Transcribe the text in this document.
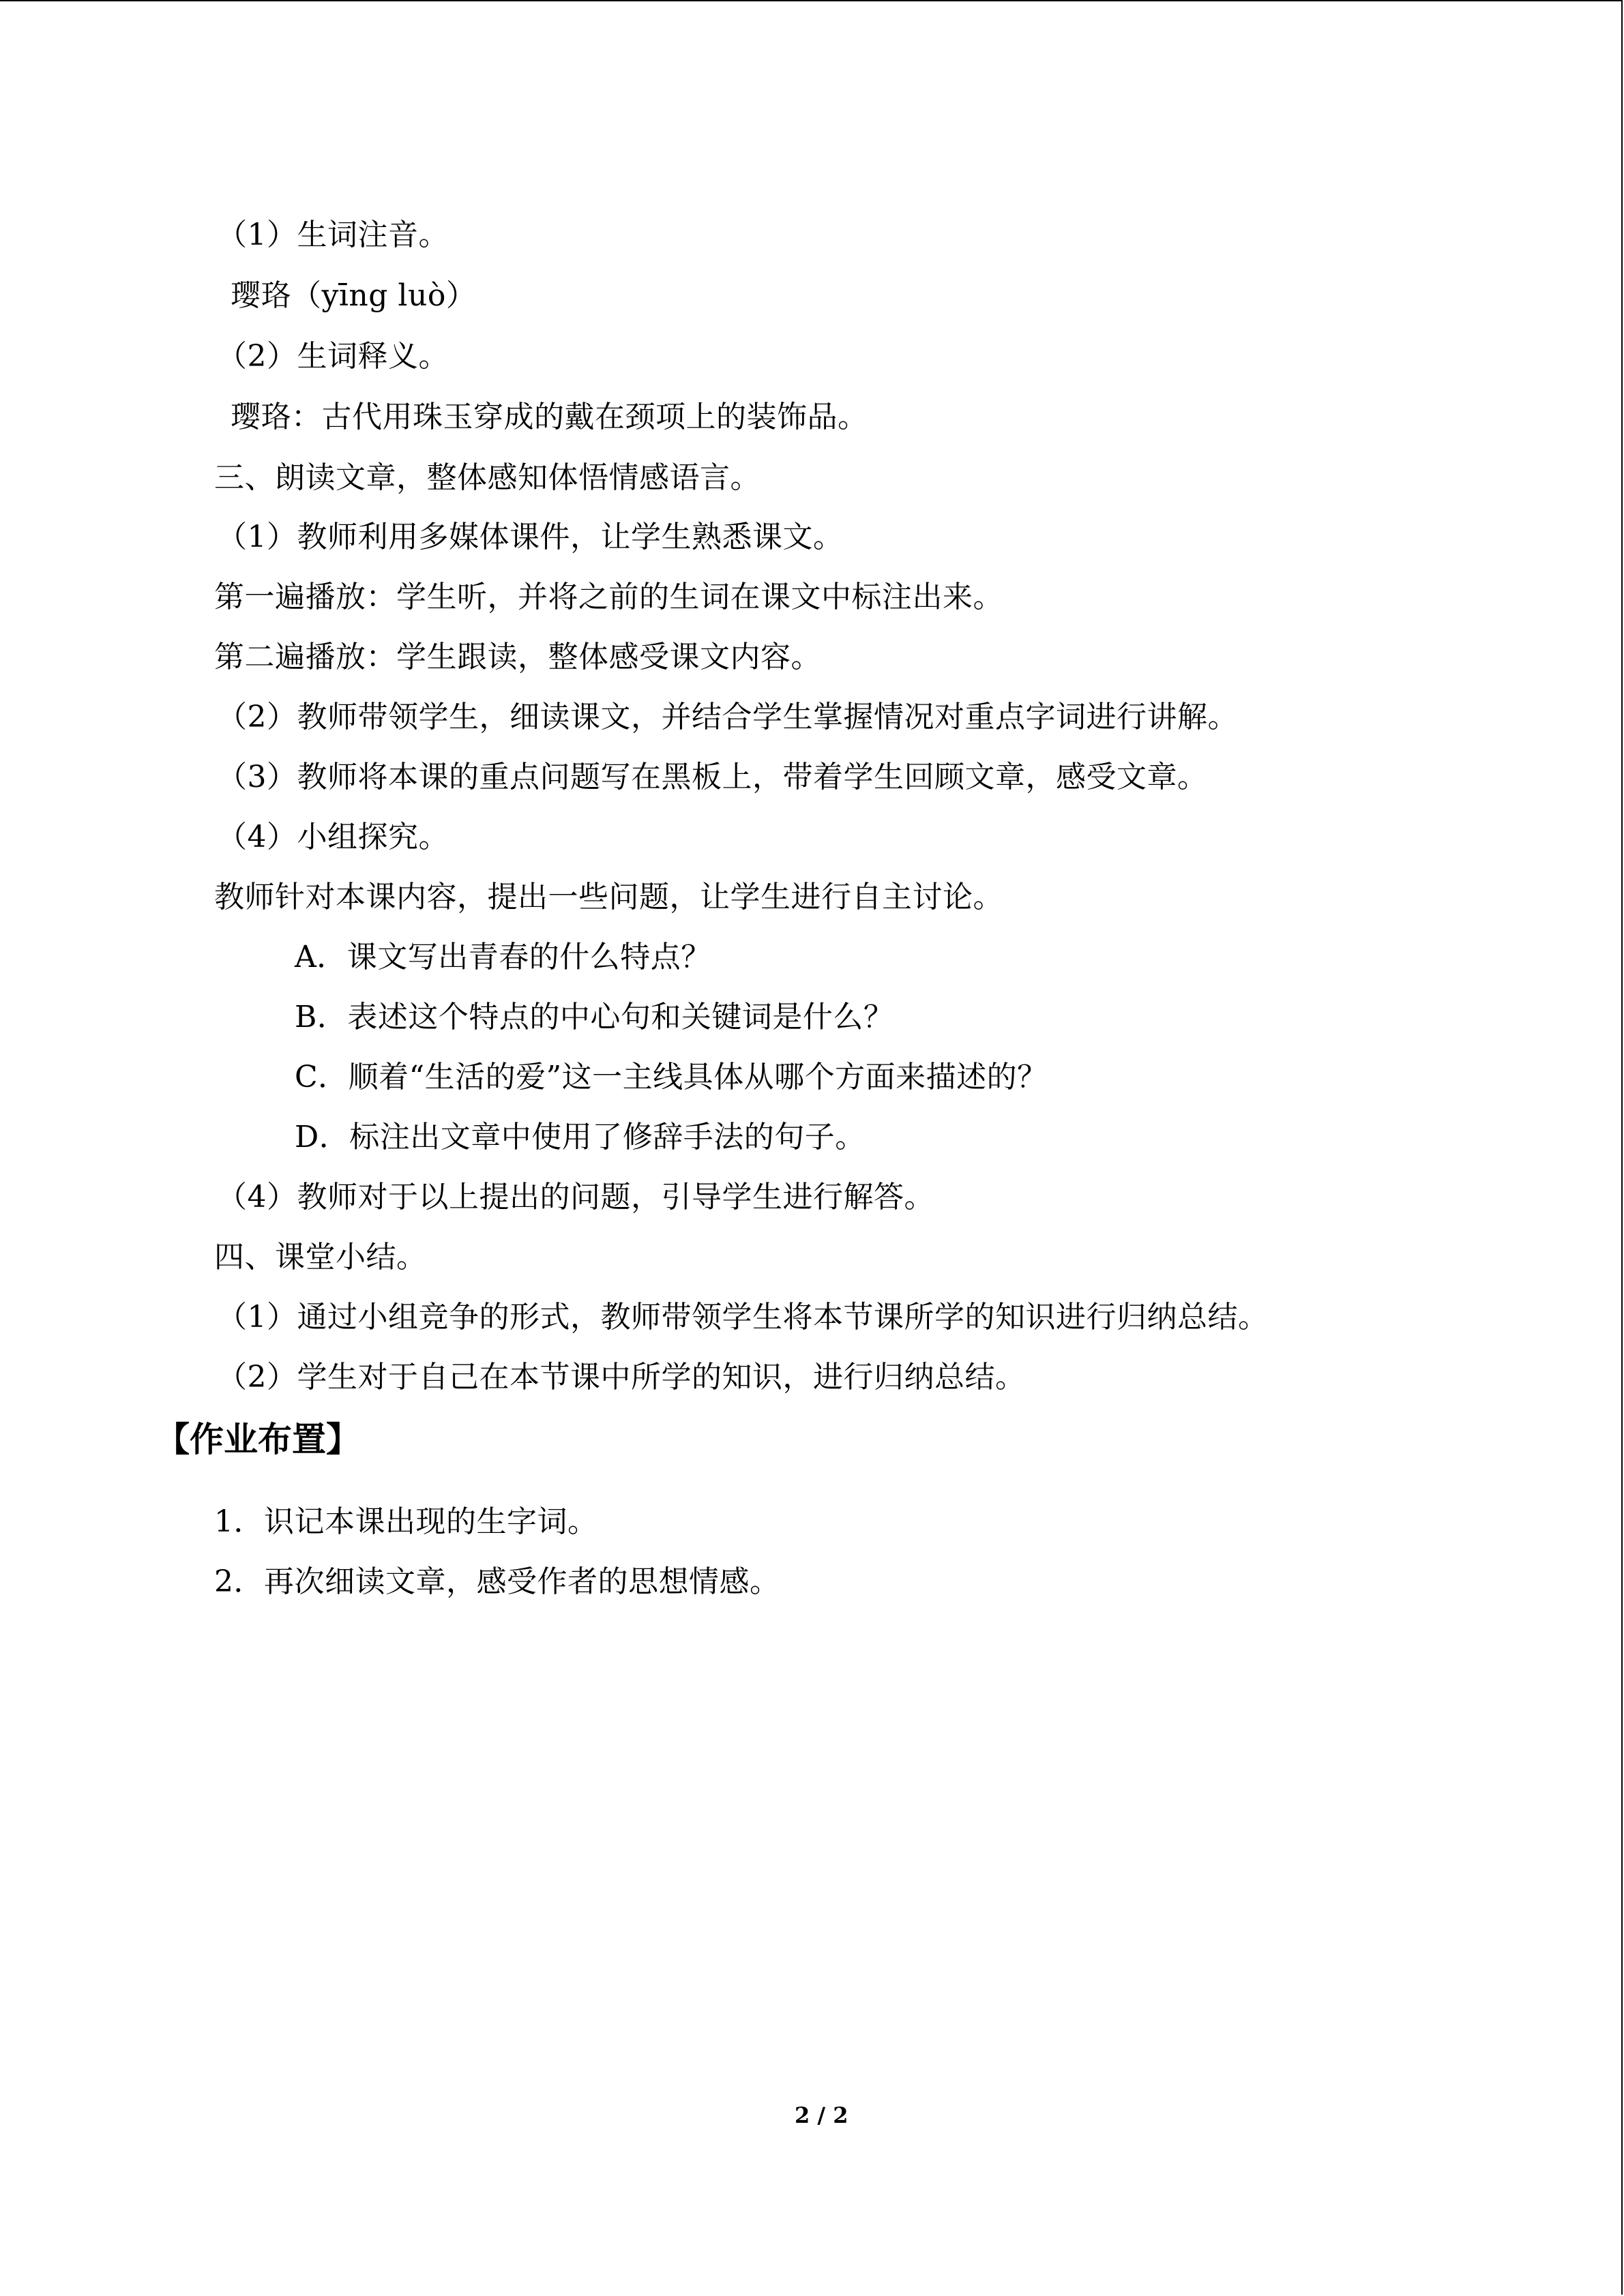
（1）生词注音。
璎珞（yīng luò）
（2）生词释义。
璎珞：古代用珠玉穿成的戴在颈项上的装饰品。
三、朗读文章，整体感知体悟情感语言。
（1）教师利用多媒体课件，让学生熟悉课文。
第一遍播放：学生听，并将之前的生词在课文中标注出来。
第二遍播放：学生跟读，整体感受课文内容。
（2）教师带领学生，细读课文，并结合学生掌握情况对重点字词进行讲解。
（3）教师将本课的重点问题写在黑板上，带着学生回顾文章，感受文章。
（4）小组探究。
教师针对本课内容，提出一些问题，让学生进行自主讨论。
A．课文写出青春的什么特点？
B．表述这个特点的中心句和关键词是什么？
C．顺着“生活的爱”这一主线具体从哪个方面来描述的？
D．标注出文章中使用了修辞手法的句子。
（4）教师对于以上提出的问题，引导学生进行解答。
四、课堂小结。
（1）通过小组竞争的形式，教师带领学生将本节课所学的知识进行归纳总结。
（2）学生对于自己在本节课中所学的知识，进行归纳总结。
【作业布置】
1．识记本课出现的生字词。
2．再次细读文章，感受作者的思想情感。
2 / 2
